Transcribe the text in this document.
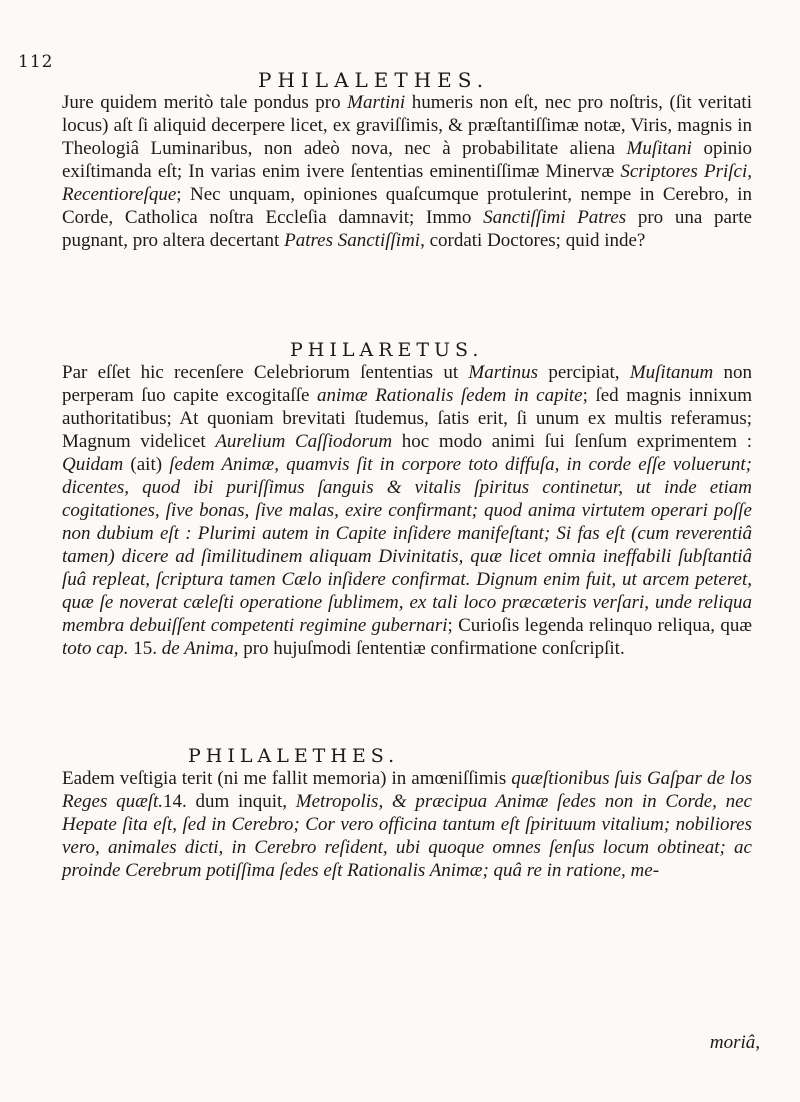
112
PHILALETHES.
Jure quidem meritò tale pondus pro Martini humeris non eſt, nec pro noſtris, (ſit veritati locus) aſt ſi aliquid decerpere licet, ex graviſſimis, & præſtantiſſimæ notæ, Viris, magnis in Theologiâ Luminaribus, non adeò nova, nec à probabilitate aliena Muſitani opinio exiſtimanda eſt; In varias enim ivere ſententias eminentiſſimæ Minervæ Scriptores Priſci, Recentioreſque; Nec unquam, opiniones quaſcumque protulerint, nempe in Cerebro, in Corde, Catholica noſtra Eccleſia damnavit; Immo Sanctiſſimi Patres pro una parte pugnant, pro altera decertant Patres Sanctiſſimi, cordati Doctores; quid inde?
PHILARETUS.
Par eſſet hic recenſere Celebriorum ſententias ut Martinus percipiat, Muſitanum non perperam ſuo capite excogitaſſe animæ Rationalis ſedem in capite; ſed magnis innixum authoritatibus; At quoniam brevitati ſtudemus, ſatis erit, ſi unum ex multis referamus; Magnum videlicet Aurelium Caſſiodorum hoc modo animi ſui ſenſum exprimentem : Quidam (ait) ſedem Animæ, quamvis ſit in corpore toto diffuſa, in corde eſſe voluerunt; dicentes, quod ibi puriſſimus ſanguis & vitalis ſpiritus continetur, ut inde etiam cogitationes, ſive bonas, ſive malas, exire confirmant; quod anima virtutem operari poſſe non dubium eſt : Plurimi autem in Capite inſidere manifeſtant; Si fas eſt (cum reverentiâ tamen) dicere ad ſimilitudinem aliquam Divinitatis, quæ licet omnia ineffabili ſubſtantiâ ſuâ repleat, ſcriptura tamen Cælo inſidere confirmat. Dignum enim fuit, ut arcem peteret, quæ ſe noverat cæleſti operatione ſublimem, ex tali loco præcæteris verſari, unde reliqua membra debuiſſent competenti regimine gubernari; Curioſis legenda relinquo reliqua, quæ toto cap. 15. de Anima, pro hujuſmodi ſententiæ confirmatione conſcripſit.
PHILALETHES.
Eadem veſtigia terit (ni me fallit memoria) in amœniſſimis quæſtionibus ſuis Gaſpar de los Reges quæſt.14. dum inquit, Metropolis, & præcipua Animæ ſedes non in Corde, nec Hepate ſita eſt, ſed in Cerebro; Cor vero officina tantum eſt ſpirituum vitalium; nobiliores vero, animales dicti, in Cerebro reſident, ubi quoque omnes ſenſus locum obtineat; ac proinde Cerebrum potiſſima ſedes eſt Rationalis Animæ; quâ re in ratione, me-
moriâ,
